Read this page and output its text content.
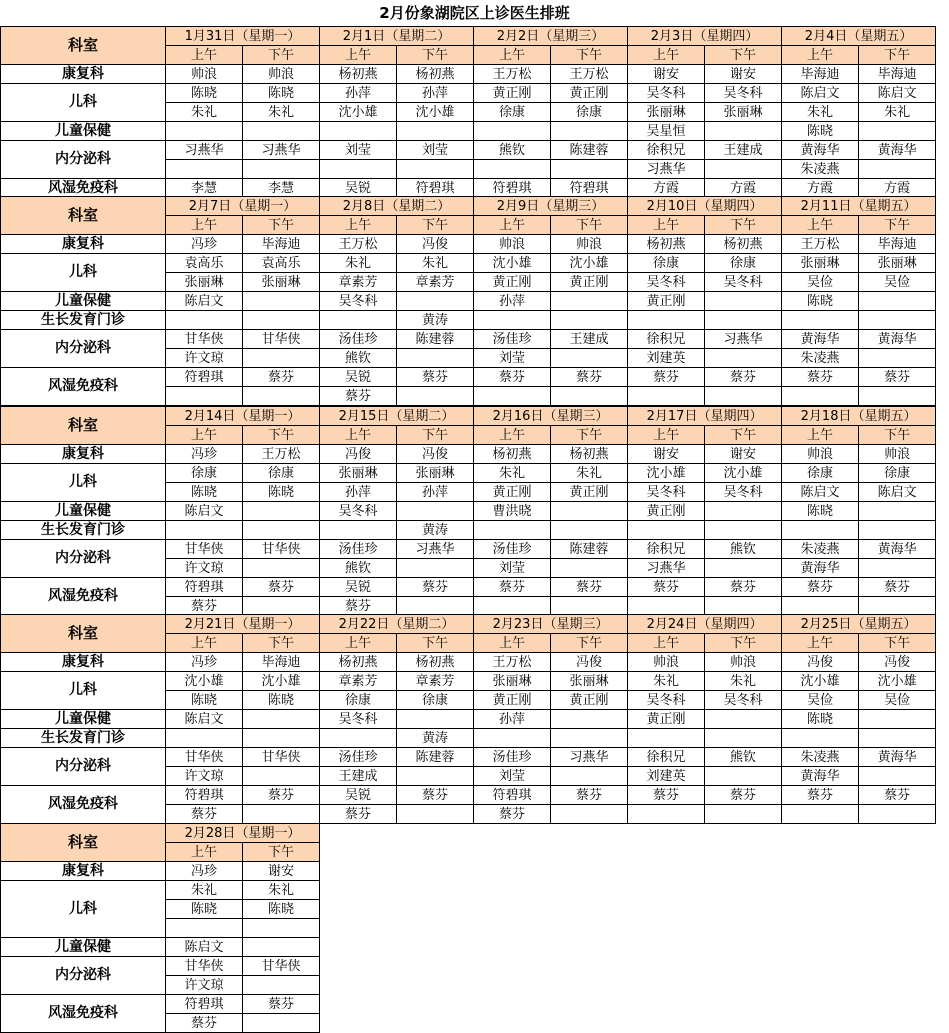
2月份象湖院区上诊医生排班
科室	1月31日（星期一）		2月1日（星期二）		2月2日（星期三）		2月3日（星期四）		2月4日（星期五）	
	上午	下午	上午	下午	上午	下午	上午	下午	上午	下午
康复科	帅浪	帅浪	杨初燕	杨初燕	王万松	王万松	谢安	谢安	毕海迪	毕海迪
儿科	陈晓	陈晓	孙萍	孙萍	黄正刚	黄正刚	吴冬科	吴冬科	陈启文	陈启文
	朱礼	朱礼	沈小雄	沈小雄	徐康	徐康	张丽琳	张丽琳	朱礼	朱礼
儿童保健							吴星恒		陈晓	
内分泌科	习燕华	习燕华	刘莹	刘莹	熊钦	陈建蓉	徐积兄	王建成	黄海华	黄海华
							习燕华		朱凌燕	
风湿免疫科	李慧	李慧	吴锐	符碧琪	符碧琪	符碧琪	方霞	方霞	方霞	方霞
科室	2月7日（星期一）		2月8日（星期二）		2月9日（星期三）		2月10日（星期四）		2月11日（星期五）	
	上午	下午	上午	下午	上午	下午	上午	下午	上午	下午
康复科	冯珍	毕海迪	王万松	冯俊	帅浪	帅浪	杨初燕	杨初燕	王万松	毕海迪
儿科	袁高乐	袁高乐	朱礼	朱礼	沈小雄	沈小雄	徐康	徐康	张丽琳	张丽琳
	张丽琳	张丽琳	章素芳	章素芳	黄正刚	黄正刚	吴冬科	吴冬科	吴俭	吴俭
儿童保健	陈启文		吴冬科		孙萍		黄正刚		陈晓	
生长发育门诊				黄涛						
内分泌科	甘华侠	甘华侠	汤佳珍	陈建蓉	汤佳珍	王建成	徐积兄	习燕华	黄海华	黄海华
	许文琼		熊钦		刘莹		刘建英		朱凌燕	
风湿免疫科	符碧琪	蔡芬	吴锐	蔡芬	蔡芬	蔡芬	蔡芬	蔡芬	蔡芬	蔡芬
			蔡芬							
科室	2月14日（星期一）		2月15日（星期二）		2月16日（星期三）		2月17日（星期四）		2月18日（星期五）	
	上午	下午	上午	下午	上午	下午	上午	下午	上午	下午
康复科	冯珍	王万松	冯俊	冯俊	杨初燕	杨初燕	谢安	谢安	帅浪	帅浪
儿科	徐康	徐康	张丽琳	张丽琳	朱礼	朱礼	沈小雄	沈小雄	徐康	徐康
	陈晓	陈晓	孙萍	孙萍	黄正刚	黄正刚	吴冬科	吴冬科	陈启文	陈启文
儿童保健	陈启文		吴冬科		曹洪晓		黄正刚		陈晓	
生长发育门诊				黄涛						
内分泌科	甘华侠	甘华侠	汤佳珍	习燕华	汤佳珍	陈建蓉	徐积兄	熊钦	朱凌燕	黄海华
	许文琼		熊钦		刘莹		习燕华		黄海华	
风湿免疫科	符碧琪	蔡芬	吴锐	蔡芬	蔡芬	蔡芬	蔡芬	蔡芬	蔡芬	蔡芬
	蔡芬		蔡芬							
科室	2月21日（星期一）		2月22日（星期二）		2月23日（星期三）		2月24日（星期四）		2月25日（星期五）	
	上午	下午	上午	下午	上午	下午	上午	下午	上午	下午
康复科	冯珍	毕海迪	杨初燕	杨初燕	王万松	冯俊	帅浪	帅浪	冯俊	冯俊
儿科	沈小雄	沈小雄	章素芳	章素芳	张丽琳	张丽琳	朱礼	朱礼	沈小雄	沈小雄
	陈晓	陈晓	徐康	徐康	黄正刚	黄正刚	吴冬科	吴冬科	吴俭	吴俭
儿童保健	陈启文		吴冬科		孙萍		黄正刚		陈晓	
生长发育门诊				黄涛						
内分泌科	甘华侠	甘华侠	汤佳珍	陈建蓉	汤佳珍	习燕华	徐积兄	熊钦	朱凌燕	黄海华
	许文琼		王建成		刘莹		刘建英		黄海华	
风湿免疫科	符碧琪	蔡芬	吴锐	蔡芬	符碧琪	蔡芬	蔡芬	蔡芬	蔡芬	蔡芬
	蔡芬		蔡芬		蔡芬					
科室	2月28日（星期一）	
	上午	下午
康复科	冯珍	谢安
儿科	朱礼	朱礼
	陈晓	陈晓

儿童保健	陈启文	
内分泌科	甘华侠	甘华侠
	许文琼	
风湿免疫科	符碧琪	蔡芬
	蔡芬	
